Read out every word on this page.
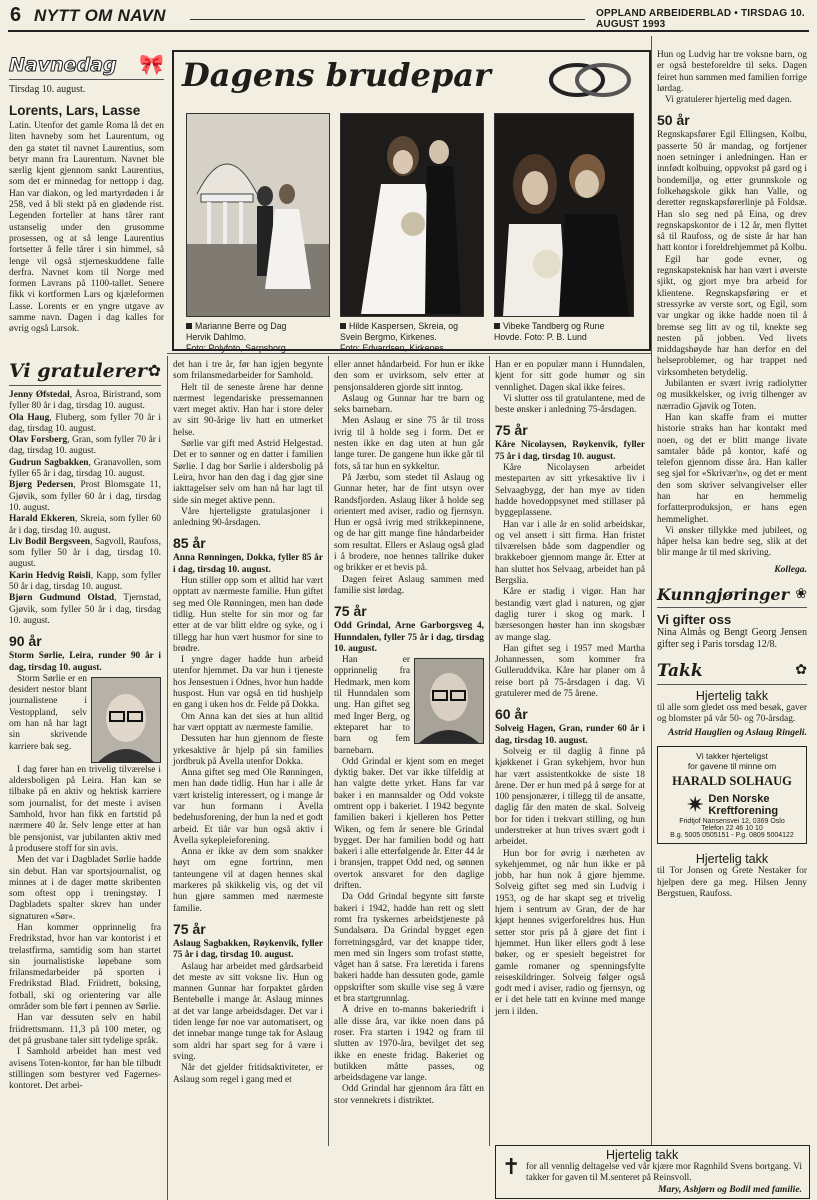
6 NYTT OM NAVN	OPPLAND ARBEIDERBLAD • TIRSDAG 10. AUGUST 1993
Navnedag 🎀
Tirsdag 10. august.
Lorents, Lars, Lasse

Latin. Utenfor det gamle Roma lå det en liten havneby som het Laurentum, og den ga støtet til navnet Laurentius, som betyr mann fra Laurentum. Navnet ble særlig kjent gjennom sankt Laurentius, som det er minnedag for nettopp i dag. Han var diakon, og led martyrdøden i år 258, ved å bli stekt på en glødende rist. Legenden forteller at hans tårer rant ustanselig under den grusomme prosessen, og at så lenge Laurentius fortsetter å felle tårer i sin himmel, så lenge vil også stjerneskuddene falle derfra. Navnet kom til Norge med formen Lavrans på 1100-tallet. Senere fikk vi kortformen Lars og kjæleformen Lasse. Lorents er en yngre utgave av samme navn. Dagen i dag kalles for øvrig også Larsok.

Dagens brudepar
Marianne Berre og Dag
Hervik Dahlmo.
Foto: Polyfoto, Sarpsborg
Hilde Kaspersen, Skreia, og
Svein Bergmo, Kirkenes.
Foto: Edvardsen, Kirkenes
Vibeke Tandberg og Rune
Hovde. Foto: P. B. Lund
Vi gratulerer ✿

Jenny Øfstedal, Åsroa, Biristrand, som fyller 80 år i dag, tirsdag 10. august.

Ola Haug, Fluberg, som fyller 70 år i dag, tirsdag 10. august.

Olav Forsberg, Gran, som fyller 70 år i dag, tirsdag 10. august.

Gudrun Sagbakken, Granavollen, som fyller 65 år i dag, tirsdag 10. august.

Bjørg Pedersen, Prost Blomsgate 11, Gjøvik, som fyller 60 år i dag, tirsdag 10. august.

Harald Ekkeren, Skreia, som fyller 60 år i dag, tirsdag 10. august.

Liv Bodil Bergsveen, Sagvoll, Raufoss, som fyller 50 år i dag, tirsdag 10. august.

Karin Hedvig Røisli, Kapp, som fyller 50 år i dag, tirsdag 10. august.

Bjørn Gudmund Olstad, Tjernstad, Gjøvik, som fyller 50 år i dag, tirsdag 10. august.

90 år

Storm Sørlie, Leira, runder 90 år i dag, tirsdag 10. august.

Storm Sørlie er en desidert nestor blant journalistene i Vestoppland, selv om han nå har lagt sin skrivende karriere bak seg.

I dag fører han en trivelig tilværelse i aldersboligen på Leira. Han kan se tilbake på en aktiv og hektisk karriere som journalist, for det meste i avisen Samhold, hvor han fikk en fartstid på nærmere 40 år. Selv lenge etter at han ble pensjonist, var jubilanten aktiv med å produsere stoff for sin avis.

Men det var i Dagbladet Sørlie hadde sin debut. Han var sportsjournalist, og minnes at i de dager møtte skribenten som oftest opp i treningstøy. I Dagbladets spalter skrev han under signaturen «Sør».

Han kommer opprinnelig fra Fredrikstad, hvor han var kontorist i et trelastfirma, samtidig som han startet sin journalistiske løpebane som frilansmedarbeider på sporten i Fredrikstad Blad. Friidrett, boksing, fotball, ski og orientering var alle områder som ble ført i pennen av Sørlie.

Han var dessuten selv en habil friidrettsmann. 11,3 på 100 meter, og det på grusbane taler sitt tydelige språk.

I Samhold arbeidet han mest ved avisens Toten-kontor, før han ble tilbudt stillingen som bestyrer ved Fagernes-kontoret. Det arbei-

det han i tre år, før han igjen begynte som frilansmedarbeider for Samhold.

Helt til de seneste årene har denne nærmest legendariske pressemannen vært meget aktiv. Han har i store deler av sitt 90-årige liv hatt en utmerket helse.

Sørlie var gift med Astrid Helgestad. Det er to sønner og en datter i familien Sørlie. I dag bor Sørlie i aldersbolig på Leira, hvor han den dag i dag gjør sine iakttagelser selv om han nå har lagt til side sin meget aktive penn.

Våre hjerteligste gratulasjoner i anledning 90-årsdagen.

85 år

Anna Rønningen, Dokka, fyller 85 år i dag, tirsdag 10. august.

Hun stiller opp som et alltid har vært opptatt av nærmeste familie. Hun giftet seg med Ole Rønningen, men han døde tidlig. Hun stelte for sin mor og far etter at de var blitt eldre og syke, og i tillegg har hun vært husmor for sine to brødre.

I yngre dager hadde hun arbeid utenfor hjemmet. Da var hun i tjeneste hos Jensestuen i Odnes, hvor hun hadde huspost. Hun var også en tid hushjelp en gang i uken hos dr. Felde på Dokka.

Om Anna kan det sies at hun alltid har vært opptatt av nærmeste familie.

Dessuten har hun gjennom de fleste yrkesaktive år hjelp på sin families jordbruk på Åvella utenfor Dokka.

Anna giftet seg med Ole Rønningen, men han døde tidlig. Hun har i alle år vært kristelig interessert, og i mange år var hun formann i Åvella bedehusforening, der hun la ned et godt arbeid. Et tiår var hun også aktiv i Åvella sykepleieforening.

Anna er ikke av dem som snakker høyt om egne fortrinn, men tanteungene vil at dagen hennes skal markeres på skikkelig vis, og det vil hun gjøre sammen med nærmeste familie.

75 år

Aslaug Sagbakken, Røykenvik, fyller 75 år i dag, tirsdag 10. august.

Aslaug har arbeidet med gårdsarbeid det meste av sitt voksne liv. Hun og mannen Gunnar har forpaktet gården Bentebølle i mange år. Aslaug minnes at det var lange arbeidsdager. Det var i tiden lenge før noe var automatisert, og det innebar mange tunge tak for Aslaug som aldri har spart seg for å være i sving.

Når det gjelder fritidsaktiviteter, er Aslaug som regel i gang med et

eller annet håndarbeid. For hun er ikke den som er uvirksom, selv etter at pensjonsalderen gjorde sitt inntog.

Aslaug og Gunnar har tre barn og seks barnebarn.

Men Aslaug er sine 75 år til tross ivrig til å holde seg i form. Det er nesten ikke en dag uten at hun går lange turer. De gangene hun ikke går til fots, så tar hun en sykkeltur.

På Jærbu, som stedet til Aslaug og Gunnar heter, har de fint utsyn over Randsfjorden. Aslaug liker å holde seg orientert med aviser, radio og fjernsyn. Hun er også ivrig med strikkepinnene, og de har gitt mange fine håndarbeider som resultat. Ellers er Aslaug også glad i å brodere, noe hennes tallrike duker og brikker er et bevis på.

Dagen feiret Aslaug sammen med familie sist lørdag.

75 år

Odd Grindal, Arne Garborgsveg 4, Hunndalen, fyller 75 år i dag, tirsdag 10. august.

Han er opprinnelig fra Hedmark, men kom til Hunndalen som ung. Han giftet seg med Inger Berg, og ekteparet har to barn og fem barnebarn.

Odd Grindal er kjent som en meget dyktig baker. Det var ikke tilfeldig at han valgte dette yrket. Hans far var baker i en mannsalder og Odd vokste omtrent opp i bakeriet. I 1942 begynte familien bakeri i kjelleren hos Petter Wiken, og fem år senere ble Grindal bygget. Der har familien bodd og hatt bakeri i alle etterfølgende år. Etter 44 år i bransjen, trappet Odd ned, og sønnen overtok ansvaret for den daglige driften.

Da Odd Grindal begynte sitt første bakeri i 1942, hadde han rett og slett romt fra tyskernes arbeidstjeneste på Sundalsøra. Da Grindal bygget egen forretningsgård, var det knappe tider, men med sin Ingers som trofast støtte, våget han å satse. Fra læretida i farens bakeri hadde han dessuten gode, gamle oppskrifter som skulle vise seg å være et bra startgrunnlag.

Å drive en to-manns bakeriedrift i alle disse åra, var ikke noen dans på roser. Fra starten i 1942 og fram til slutten av 1970-åra, bevilget det seg ikke en eneste fridag. Bakeriet og butikken måtte passes, og arbeidsdagene var lange.

Odd Grindal har gjennom åra fått en stor vennekrets i distriktet.

Han er en populær mann i Hunndalen, kjent for sitt gode humør og sin vennlighet. Dagen skal ikke feires.

Vi slutter oss til gratulantene, med de beste ønsker i anledning 75-årsdagen.

75 år

Kåre Nicolaysen, Røykenvik, fyller 75 år i dag, tirsdag 10. august.

Kåre Nicolaysen arbeidet mesteparten av sitt yrkesaktive liv i Selvaagbygg, der han mye av tiden hadde hovedoppsynet med stillaser på byggeplassene.

Han var i alle år en solid arbeidskar, og vel ansett i sitt firma. Han fristet tilværelsen både som dagpendler og brakkeboer gjennom mange år. Etter at han sluttet hos Selvaag, arbeidet han på Bergslia.

Kåre er stadig i vigør. Han har bestandig vært glad i naturen, og gjør daglig turer i skog og mark. I bærsesongen høster han inn skogsbær av mange slag.

Han giftet seg i 1957 med Martha Johannessen, som kommer fra Gulleruddvika. Kåre har planer om å reise bort på 75-årsdagen i dag. Vi gratulerer med de 75 årene.

60 år

Solveig Hagen, Gran, runder 60 år i dag, tirsdag 10. august.

Solveig er til daglig å finne på kjøkkenet i Gran sykehjem, hvor hun har vært assistentkokke de siste 18 årene. Der er hun med på å sørge for at 100 pensjonærer, i tillegg til de ansatte, daglig får den maten de skal. Solveig bor for tiden i trekvart stilling, og hun understreker at hun trives svært godt i arbeidet.

Hun bor for øvrig i nærheten av sykehjemmet, og når hun ikke er på jobb, har hun nok å gjøre hjemme. Solveig giftet seg med sin Ludvig i 1953, og de har skapt seg et trivelig hjem i sentrum av Gran, der de har kjøpt hennes svigerforeldres hus. Hun setter stor pris på å gjøre det fint i hjemmet. Hun liker ellers godt å lese bøker, og er spesielt begeistret for gamle romaner og spenningsfylte reiseskildringer. Solveig følger også godt med i aviser, radio og fjernsyn, og er i det hele tatt en kvinne med mange jern i ilden.

Hun og Ludvig har tre voksne barn, og er også besteforeldre til seks. Dagen feiret hun sammen med familien forrige lørdag.

Vi gratulerer hjertelig med dagen.

50 år

Regnskapsfører Egil Ellingsen, Kolbu, passerte 50 år mandag, og fortjener noen setninger i anledningen. Han er innfødt kolbuing, oppvokst på gard og i bondemiljø, og etter grunnskole og folkehøgskole gikk han Valle, og deretter regnskapsførerlinje på Foldsæ. Han slo seg ned på Eina, og drev regnskapskontor de i 12 år, men flyttet så til Raufoss, og de siste år har han hatt kontor i foreldrehjemmet på Kolbu.

Egil har gode evner, og regnskapsteknisk har han vært i øverste sjikt, og gjort mye bra arbeid for klientene. Regnskapsføring er et stressyrke av verste sort, og Egil, som var ungkar og ikke hadde noen til å bremse seg litt av og til, knekte seg nesten på jobben. Ved livets middagshøyde har han derfor en del helseproblemer, og har trappet ned virksomheten betydelig.

Jubilanten er svært ivrig radiolytter og musikkelsker, og ivrig tilhenger av nærradio Gjøvik og Toten.

Han kan skaffe fram ei mutter historie straks han har kontakt med noen, og det er blitt mange livate samtaler både på kontor, kafé og telefon gjennom disse åra. Han kaller seg sjøl for «Skrivær'n», og det er ment den som skriver selvangivelser eller han har en hemmelig forfatterproduksjon, er hans egen hemmelighet.

Vi ønsker tillykke med jubileet, og håper helsa kan bedre seg, slik at det blir mange år til med skriving.

Kollega.
Kunngjøringer ❀
Vi gifter oss

Nina Almås og Bengt Georg Jensen gifter seg i Paris torsdag 12/8.

Takk	✿
Hjertelig takk

til alle som gledet oss med besøk, gaver og blomster på vår 50- og 70-årsdag.

Astrid Hauglien og Aslaug Ringeli.
Vi takker hjerteligst
for gavene til minne om
HARALD SOLHAUG
✷ Den Norske
Kreftforening
Fridtjof Nansensvei 12, 0369 Oslo
Telefon 22 46 10 10
B.g. 5005 0505151 - P.g. 0809 5004122
Hjertelig takk

til Tor Jonsen og Grete Nestaker for hjelpen dere ga meg. Hilsen Jenny Bergstuen, Raufoss.

✝	Hjertelig takk

for all vennlig deltagelse ved vår kjære mor Ragnhild Svens bortgang. Vi takker for gaven til M.senteret på Reinsvoll.

Mary, Asbjørn og Bodil med familie.
